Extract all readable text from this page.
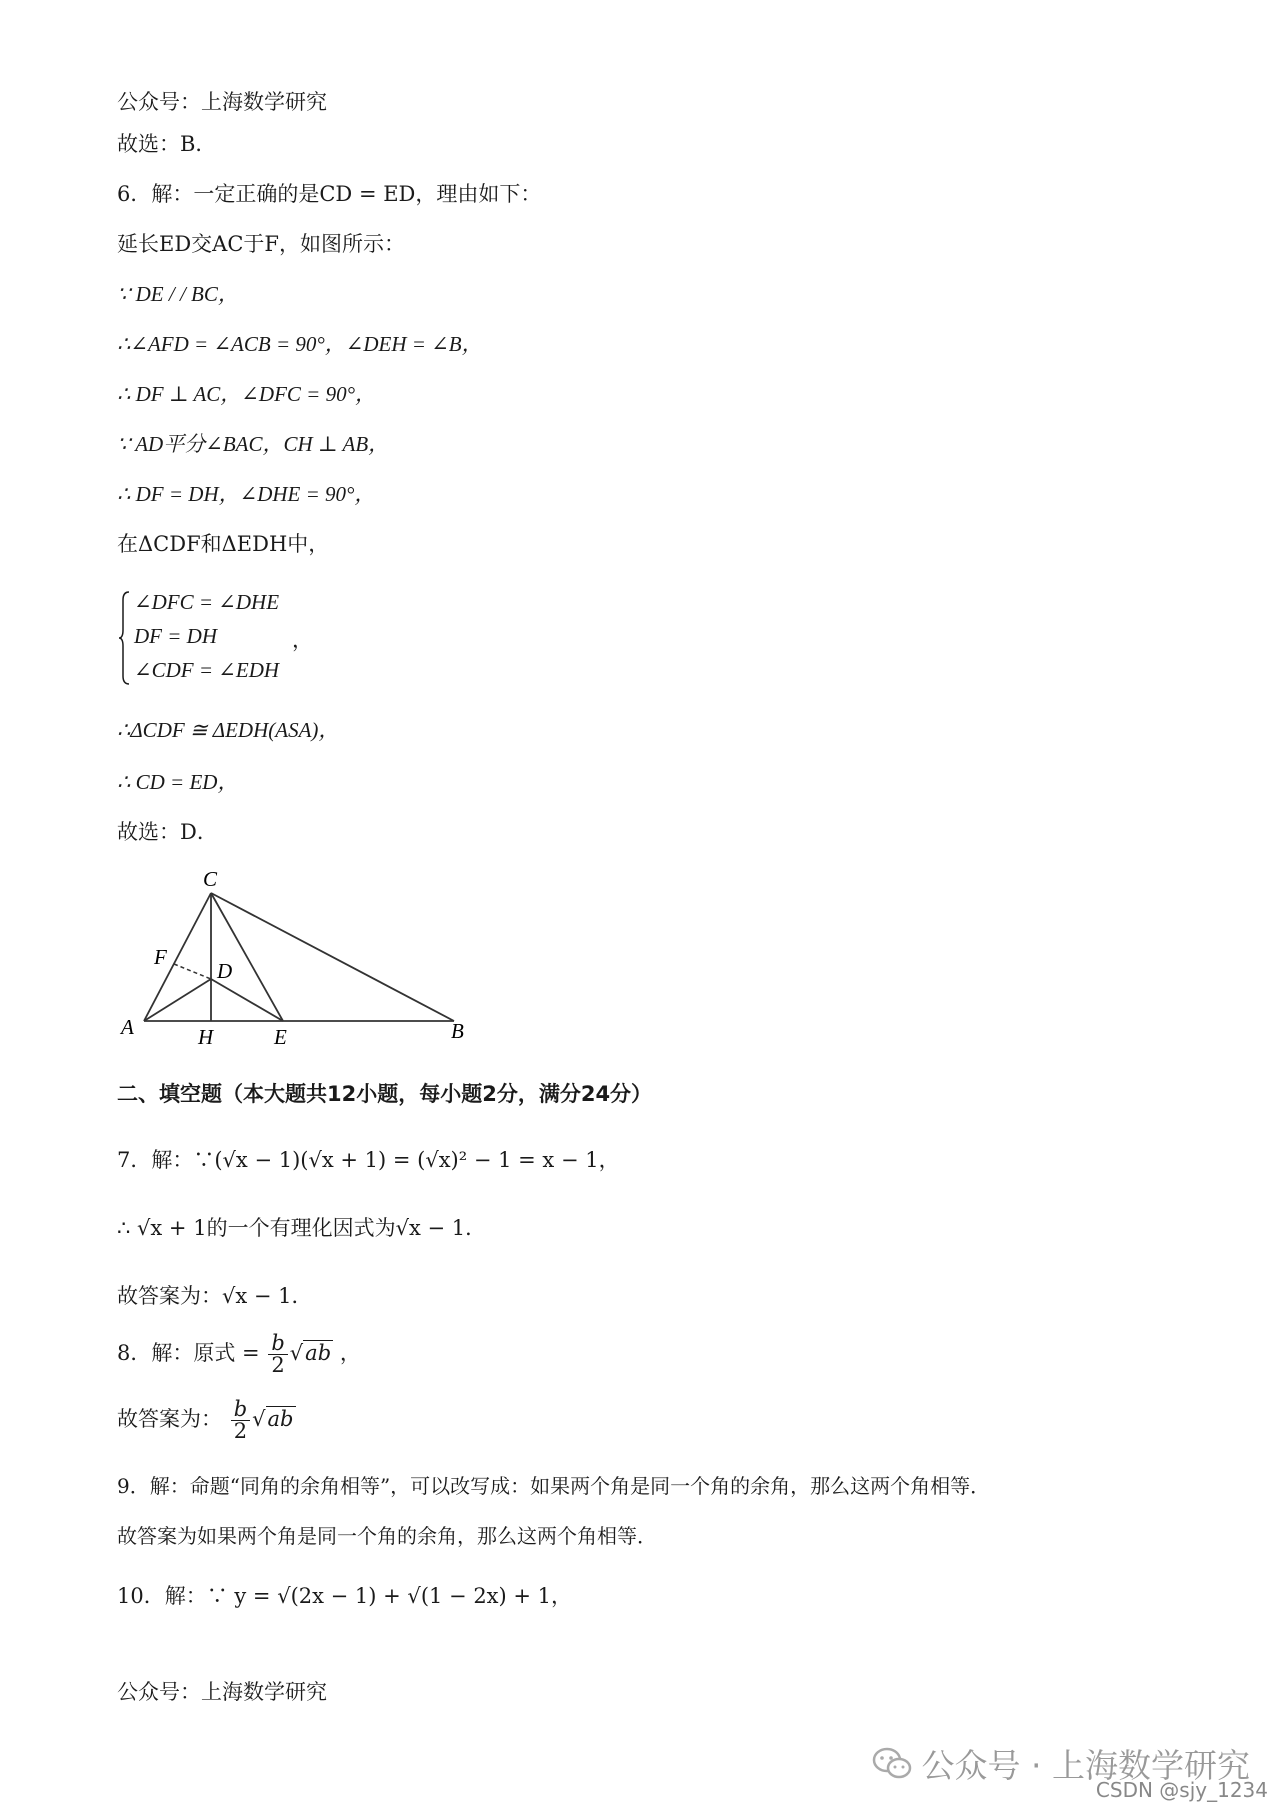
公众号：上海数学研究
故选：B．
6．解：一定正确的是CD = ED，理由如下：
延长ED交AC于F，如图所示：
∵ DE / / BC，
∴∠AFD = ∠ACB = 90°，∠DEH = ∠B，
∴ DF ⊥ AC，∠DFC = 90°，
∵ AD平分∠BAC，CH ⊥ AB，
∴ DF = DH，∠DHE = 90°，
在ΔCDF和ΔEDH中，
∠DFC = ∠DHE
DF = DH
∠CDF = ∠EDH
，
∴ΔCDF ≅ ΔEDH(ASA)，
∴ CD = ED，
故选：D．
C
F
D
A	H	E	B
二、填空题（本大题共12小题，每小题2分，满分24分）
7．解：∵(√x − 1)(√x + 1) = (√x)² − 1 = x − 1，
∴ √x + 1的一个有理化因式为√x − 1．
故答案为：√x − 1．
8．解：原式 = $\frac{b}{2} √ab$ ，
故答案为： $\frac{b}{2} √ab$
9．解：命题“同角的余角相等”，可以改写成：如果两个角是同一个角的余角，那么这两个角相等．
故答案为如果两个角是同一个角的余角，那么这两个角相等．
10．解：∵ y = √(2x − 1) + √(1 − 2x) + 1，
公众号：上海数学研究
公众号 · 上海数学研究
CSDN @sjy_1234
